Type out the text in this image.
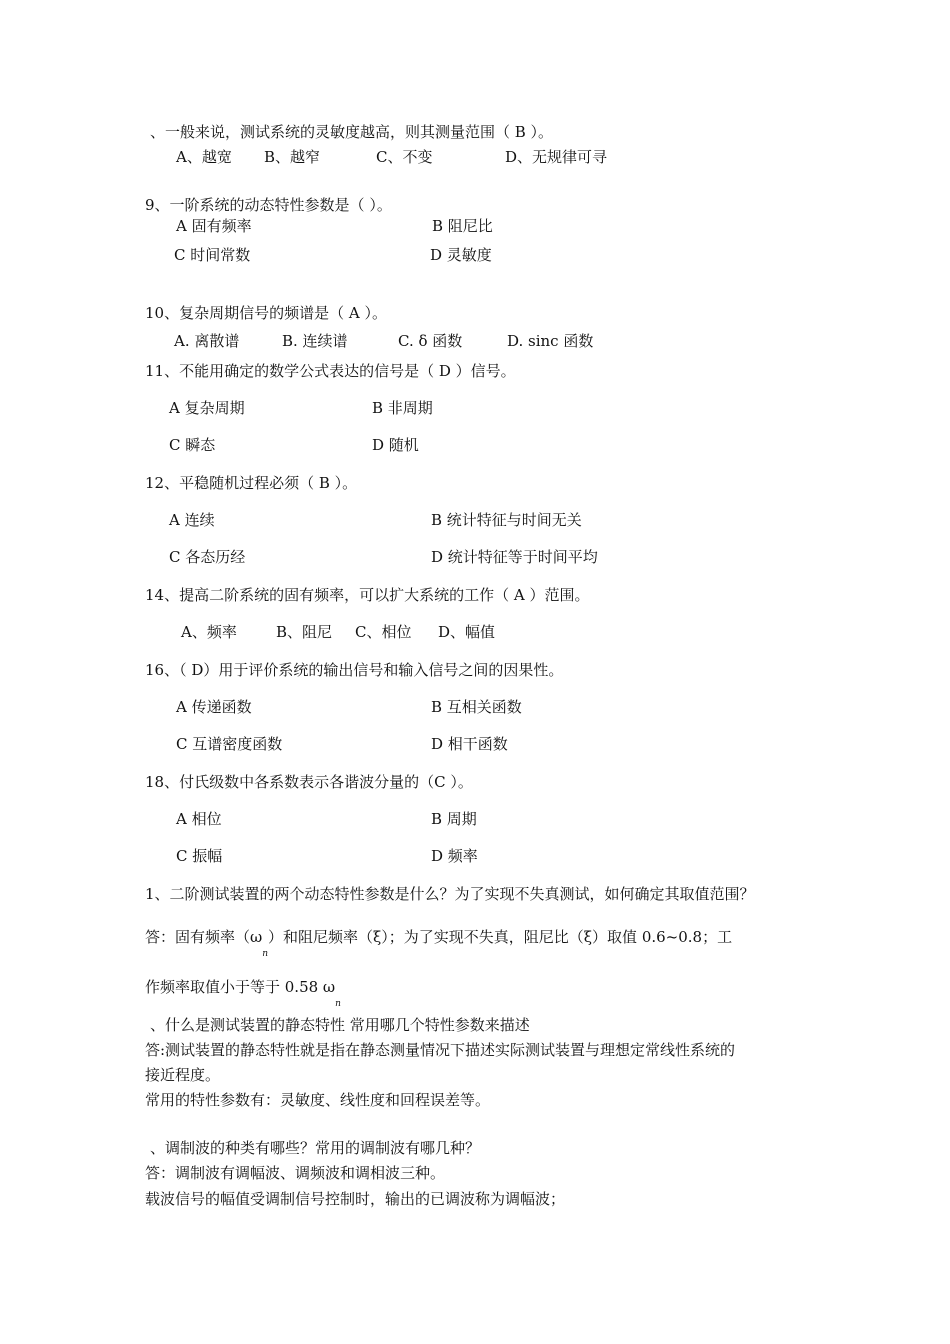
、一般来说，测试系统的灵敏度越高，则其测量范围（ B ）。
A、越宽 B、越窄	C、不变	D、无规律可寻
9、一阶系统的动态特性参数是（ ）。
A 固有频率	B 阻尼比
C 时间常数	D 灵敏度
10、复杂周期信号的频谱是（ A ）。
A. 离散谱	B. 连续谱	C. δ 函数	D. sinc 函数
11、不能用确定的数学公式表达的信号是（ D ）信号。
A 复杂周期	B 非周期
C 瞬态	D 随机
12、平稳随机过程必须（ B ）。
A 连续	B 统计特征与时间无关
C 各态历经	D 统计特征等于时间平均
14、提高二阶系统的固有频率，可以扩大系统的工作（ A ）范围。
A、频率	B、阻尼 C、相位 D、幅值
16、（ D）用于评价系统的输出信号和输入信号之间的因果性。
A 传递函数	B 互相关函数
C 互谱密度函数	D 相干函数
18、付氏级数中各系数表示各谐波分量的（C ）。
A 相位	B 周期
C 振幅	D 频率
1、二阶测试装置的两个动态特性参数是什么？为了实现不失真测试，如何确定其取值范围？
答：固有频率$(\omega_n)$和阻尼频率（ξ）；为了实现不失真，阻尼比（ξ）取值 0.6~0.8；工
作频率取值小于等于 0.58 $\omega_n$
、什么是测试装置的静态特性 常用哪几个特性参数来描述
答:测试装置的静态特性就是指在静态测量情况下描述实际测试装置与理想定常线性系统的
接近程度。
常用的特性参数有：灵敏度、线性度和回程误差等。
、调制波的种类有哪些？常用的调制波有哪几种？
答：调制波有调幅波、调频波和调相波三种。
载波信号的幅值受调制信号控制时，输出的已调波称为调幅波；
